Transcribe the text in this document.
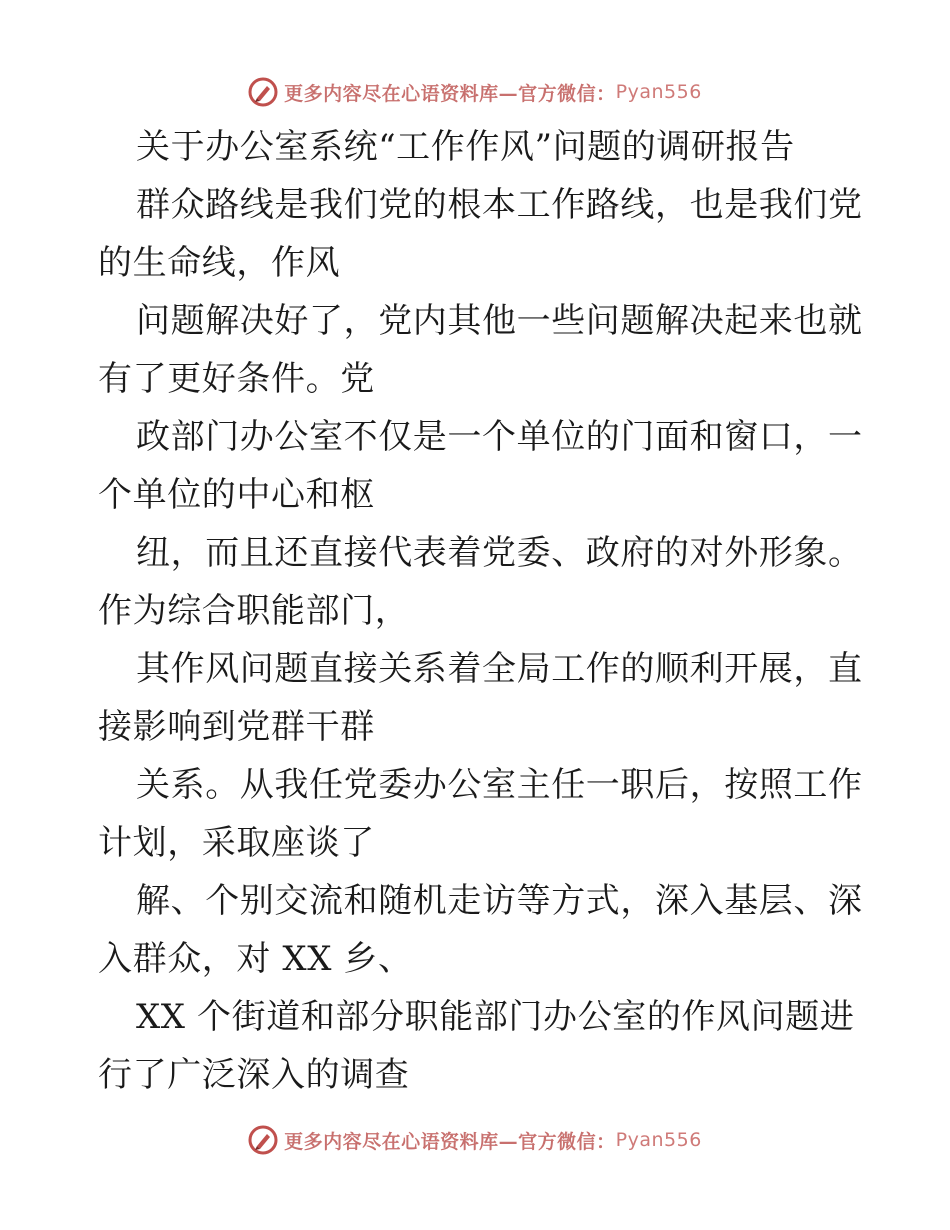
更多内容尽在心语资料库—官方微信： Pyan556
关于办公室系统“工作作风”问题的调研报告
群众路线是我们党的根本工作路线，也是我们党
的生命线，作风
问题解决好了，党内其他一些问题解决起来也就
有了更好条件。党
政部门办公室不仅是一个单位的门面和窗口，一
个单位的中心和枢
纽，而且还直接代表着党委、政府的对外形象。
作为综合职能部门，
其作风问题直接关系着全局工作的顺利开展，直
接影响到党群干群
关系。从我任党委办公室主任一职后，按照工作
计划，采取座谈了
解、个别交流和随机走访等方式，深入基层、深
入群众，对 XX 乡、
XX 个街道和部分职能部门办公室的作风问题进
行了广泛深入的调查
更多内容尽在心语资料库—官方微信： Pyan556
